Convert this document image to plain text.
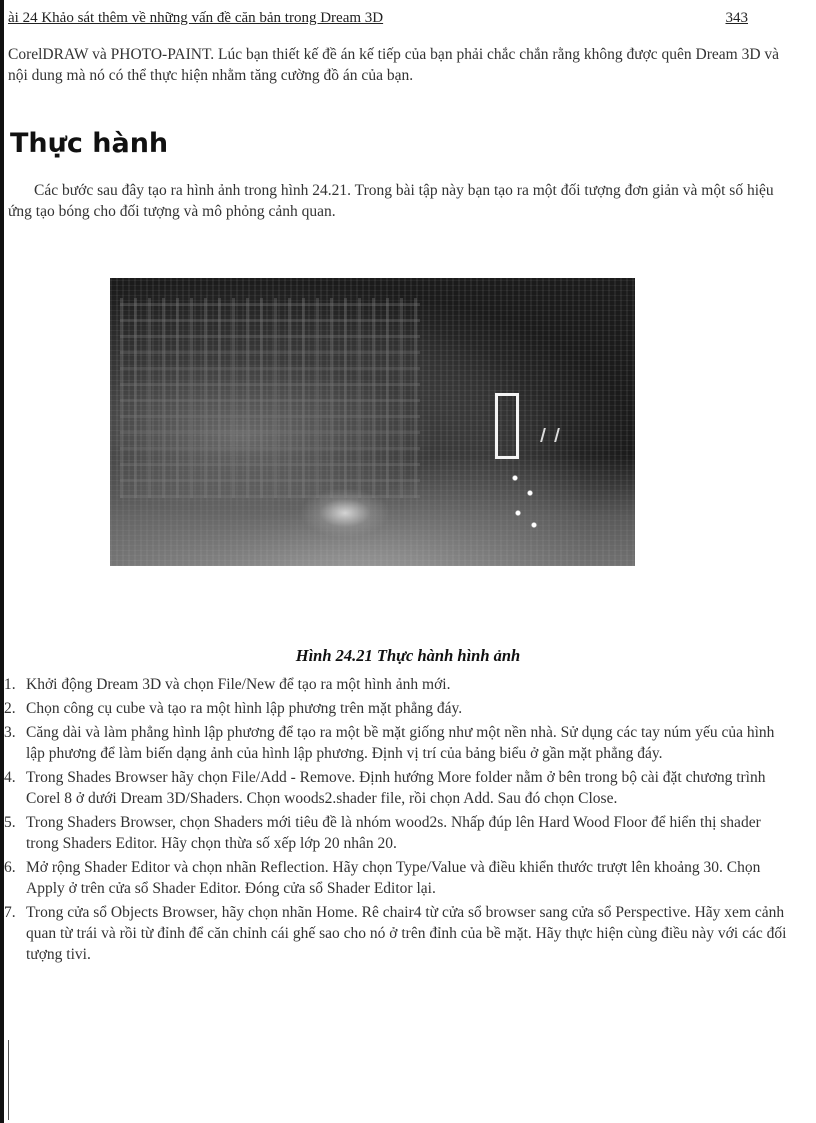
ài 24 Khảo sát thêm về những vấn đề căn bản trong Dream 3D	343
CorelDRAW và PHOTO-PAINT. Lúc bạn thiết kế đề án kế tiếp của bạn phải chắc chắn rằng không được quên Dream 3D và nội dung mà nó có thể thực hiện nhằm tăng cường đồ án của bạn.
Thực hành
Các bước sau đây tạo ra hình ảnh trong hình 24.21. Trong bài tập này bạn tạo ra một đối tượng đơn giản và một số hiệu ứng tạo bóng cho đối tượng và mô phỏng cảnh quan.
Hình 24.21 Thực hành hình ảnh
1. Khởi động Dream 3D và chọn File/New để tạo ra một hình ảnh mới.
2. Chọn công cụ cube và tạo ra một hình lập phương trên mặt phẳng đáy.
3. Căng dài và làm phẳng hình lập phương để tạo ra một bề mặt giống như một nền nhà. Sử dụng các tay núm yếu của hình lập phương để làm biến dạng ảnh của hình lập phương. Định vị trí của bảng biểu ở gần mặt phẳng đáy.
4. Trong Shades Browser hãy chọn File/Add - Remove. Định hướng More folder nằm ở bên trong bộ cài đặt chương trình Corel 8 ở dưới Dream 3D/Shaders. Chọn woods2.shader file, rồi chọn Add. Sau đó chọn Close.
5. Trong Shaders Browser, chọn Shaders mới tiêu đề là nhóm wood2s. Nhấp đúp lên Hard Wood Floor để hiển thị shader trong Shaders Editor. Hãy chọn thừa số xếp lớp 20 nhân 20.
6. Mở rộng Shader Editor và chọn nhãn Reflection. Hãy chọn Type/Value và điều khiển thước trượt lên khoảng 30. Chọn Apply ở trên cửa sổ Shader Editor. Đóng cửa sổ Shader Editor lại.
7. Trong cửa sổ Objects Browser, hãy chọn nhãn Home. Rê chair4 từ cửa sổ browser sang cửa sổ Perspective. Hãy xem cảnh quan từ trái và rồi từ đỉnh để căn chỉnh cái ghế sao cho nó ở trên đỉnh của bề mặt. Hãy thực hiện cùng điều này với các đối tượng tivi.
